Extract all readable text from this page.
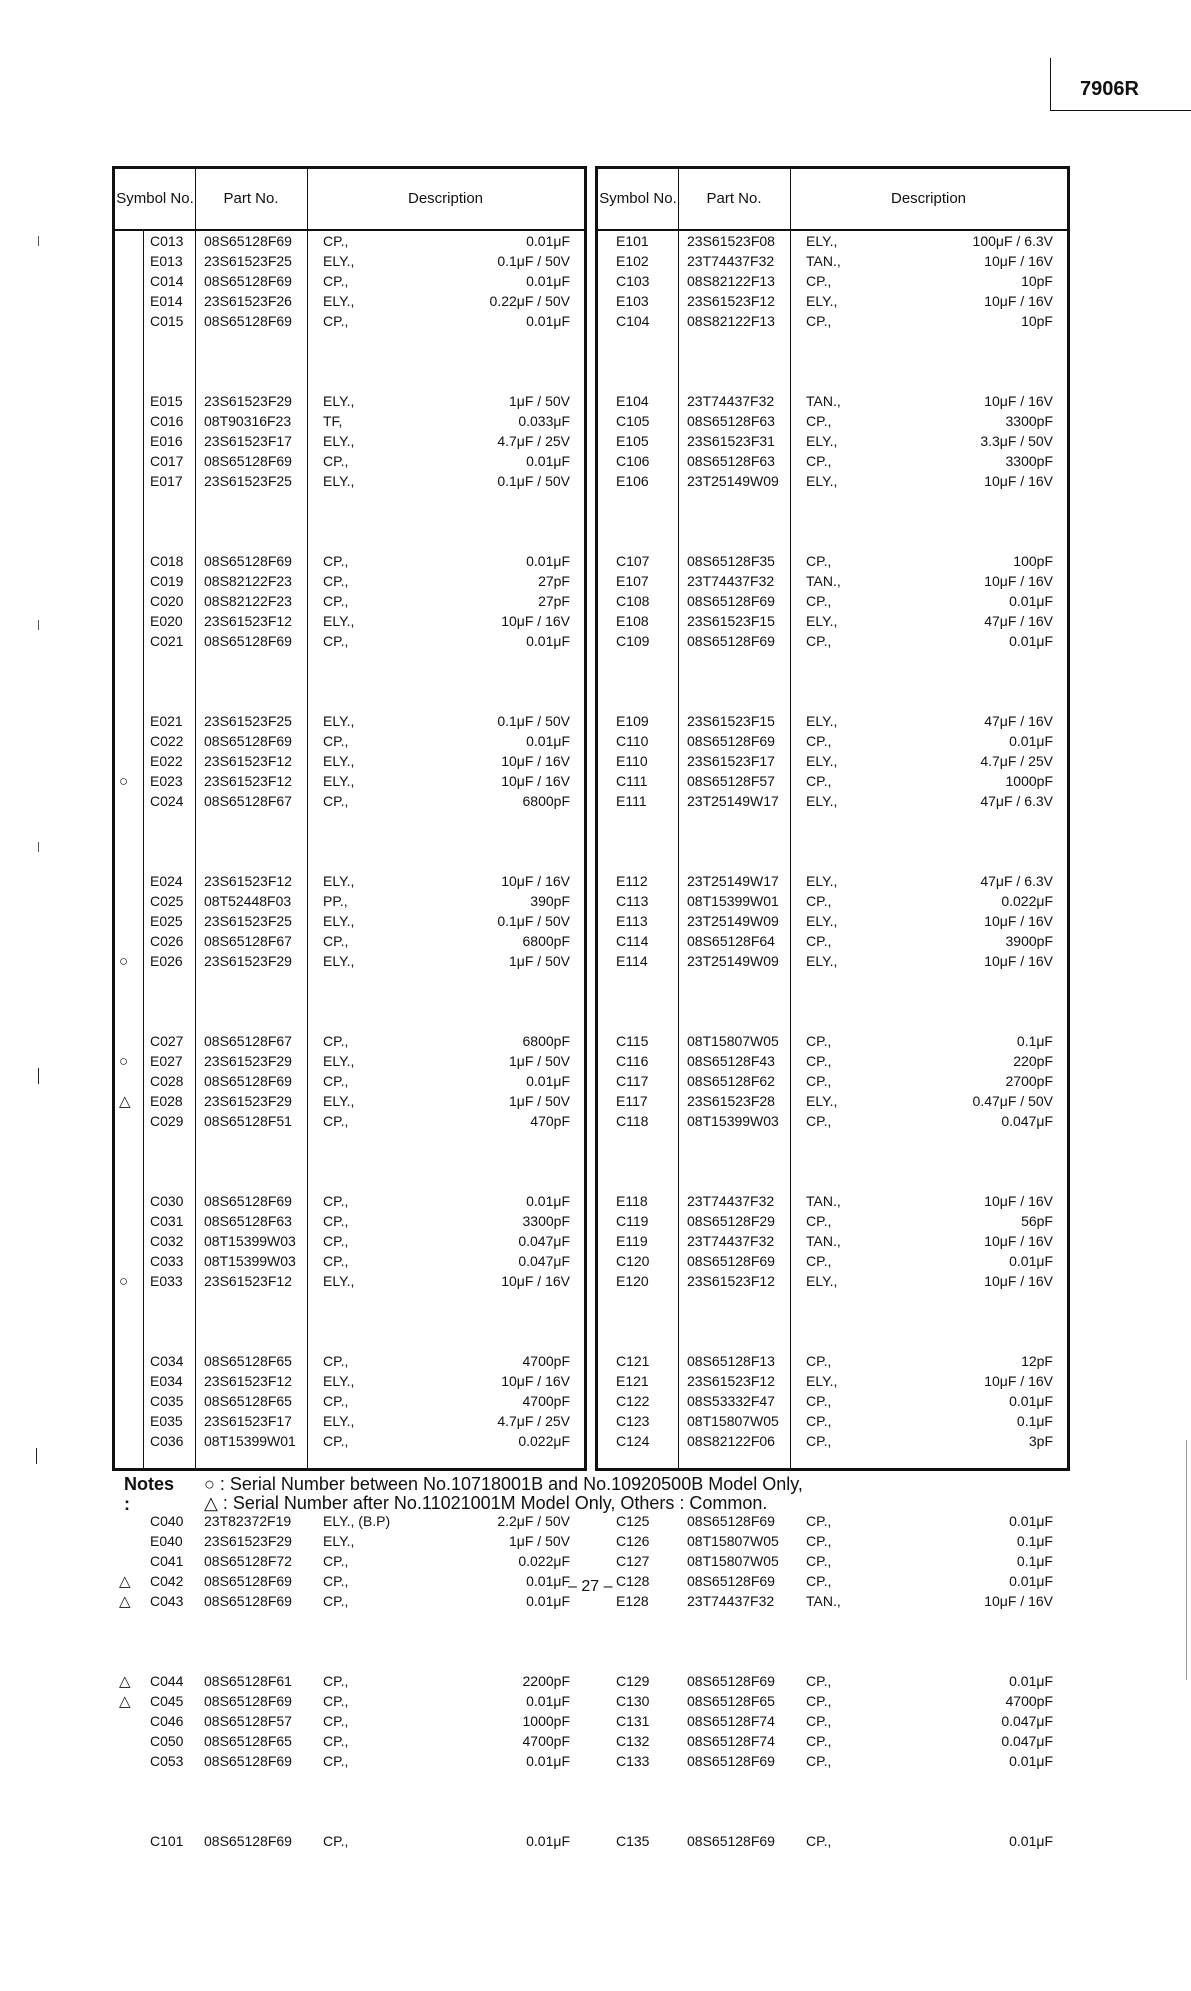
7906R
Symbol No.	Part No.	Description
C013 08S65128F69 CP.,	0.01μF
E013 23S61523F25 ELY.,	0.1μF / 50V
C014 08S65128F69 CP.,	0.01μF
E014 23S61523F26 ELY.,	0.22μF / 50V
C015 08S65128F69 CP.,	0.01μF
E015 23S61523F29 ELY.,	1μF / 50V
C016 08T90316F23 TF,	0.033μF
E016 23S61523F17 ELY.,	4.7μF / 25V
C017 08S65128F69 CP.,	0.01μF
E017 23S61523F25 ELY.,	0.1μF / 50V
C018 08S65128F69 CP.,	0.01μF
C019 08S82122F23 CP.,	27pF
C020 08S82122F23 CP.,	27pF
E020 23S61523F12 ELY.,	10μF / 16V
C021 08S65128F69 CP.,	0.01μF
E021 23S61523F25 ELY.,	0.1μF / 50V
C022 08S65128F69 CP.,	0.01μF
E022 23S61523F12 ELY.,	10μF / 16V
○ E023 23S61523F12 ELY.,	10μF / 16V
C024 08S65128F67 CP.,	6800pF
E024 23S61523F12 ELY.,	10μF / 16V
C025 08T52448F03 PP.,	390pF
E025 23S61523F25 ELY.,	0.1μF / 50V
C026 08S65128F67 CP.,	6800pF
○ E026 23S61523F29 ELY.,	1μF / 50V
C027 08S65128F67 CP.,	6800pF
○ E027 23S61523F29 ELY.,	1μF / 50V
C028 08S65128F69 CP.,	0.01μF
△ E028 23S61523F29 ELY.,	1μF / 50V
C029 08S65128F51 CP.,	470pF
C030 08S65128F69 CP.,	0.01μF
C031 08S65128F63 CP.,	3300pF
C032 08T15399W03 CP.,	0.047μF
C033 08T15399W03 CP.,	0.047μF
○ E033 23S61523F12 ELY.,	10μF / 16V
C034 08S65128F65 CP.,	4700pF
E034 23S61523F12 ELY.,	10μF / 16V
C035 08S65128F65 CP.,	4700pF
E035 23S61523F17 ELY.,	4.7μF / 25V
C036 08T15399W01 CP.,	0.022μF
C040 23T82372F19 ELY., (B.P)	2.2μF / 50V
E040 23S61523F29 ELY.,	1μF / 50V
C041 08S65128F72 CP.,	0.022μF
△ C042 08S65128F69 CP.,	0.01μF
△ C043 08S65128F69 CP.,	0.01μF
△ C044 08S65128F61 CP.,	2200pF
△ C045 08S65128F69 CP.,	0.01μF
C046 08S65128F57 CP.,	1000pF
C050 08S65128F65 CP.,	4700pF
C053 08S65128F69 CP.,	0.01μF
C101 08S65128F69 CP.,	0.01μF
Symbol No.	Part No.	Description
E101	23S61523F08 ELY.,	100μF / 6.3V
E102	23T74437F32 TAN.,	10μF / 16V
C103	08S82122F13 CP.,	10pF
E103	23S61523F12 ELY.,	10μF / 16V
C104	08S82122F13 CP.,	10pF
E104	23T74437F32 TAN.,	10μF / 16V
C105	08S65128F63 CP.,	3300pF
E105	23S61523F31 ELY.,	3.3μF / 50V
C106	08S65128F63 CP.,	3300pF
E106	23T25149W09 ELY.,	10μF / 16V
C107	08S65128F35 CP.,	100pF
E107	23T74437F32 TAN.,	10μF / 16V
C108	08S65128F69 CP.,	0.01μF
E108	23S61523F15 ELY.,	47μF / 16V
C109	08S65128F69 CP.,	0.01μF
E109	23S61523F15 ELY.,	47μF / 16V
C110	08S65128F69 CP.,	0.01μF
E110	23S61523F17 ELY.,	4.7μF / 25V
C111	08S65128F57 CP.,	1000pF
E111	23T25149W17 ELY.,	47μF / 6.3V
E112	23T25149W17 ELY.,	47μF / 6.3V
C113	08T15399W01 CP.,	0.022μF
E113	23T25149W09 ELY.,	10μF / 16V
C114	08S65128F64 CP.,	3900pF
E114	23T25149W09 ELY.,	10μF / 16V
C115	08T15807W05 CP.,	0.1μF
C116	08S65128F43 CP.,	220pF
C117	08S65128F62 CP.,	2700pF
E117	23S61523F28 ELY.,	0.47μF / 50V
C118	08T15399W03 CP.,	0.047μF
E118	23T74437F32 TAN.,	10μF / 16V
C119	08S65128F29 CP.,	56pF
E119	23T74437F32 TAN.,	10μF / 16V
C120	08S65128F69 CP.,	0.01μF
E120	23S61523F12 ELY.,	10μF / 16V
C121	08S65128F13 CP.,	12pF
E121	23S61523F12 ELY.,	10μF / 16V
C122	08S53332F47 CP.,	0.01μF
C123	08T15807W05 CP.,	0.1μF
C124	08S82122F06 CP.,	3pF
C125	08S65128F69 CP.,	0.01μF
C126	08T15807W05 CP.,	0.1μF
C127	08T15807W05 CP.,	0.1μF
C128	08S65128F69 CP.,	0.01μF
E128	23T74437F32 TAN.,	10μF / 16V
C129	08S65128F69 CP.,	0.01μF
C130	08S65128F65 CP.,	4700pF
C131	08S65128F74 CP.,	0.047μF
C132	08S65128F74 CP.,	0.047μF
C133	08S65128F69 CP.,	0.01μF
C135	08S65128F69 CP.,	0.01μF
Notes :
○ : Serial Number between No.10718001B and No.10920500B Model Only,
△ : Serial Number after No.11021001M Model Only, Others : Common.
– 27 –
